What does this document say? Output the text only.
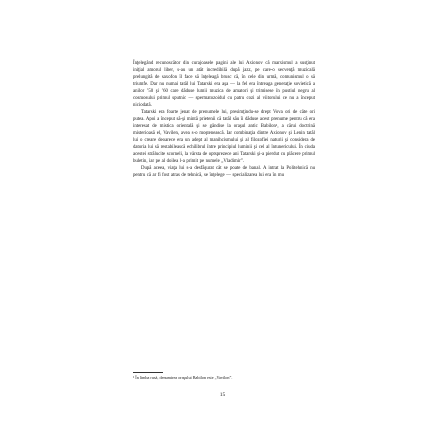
Înţelegând recunoscător din curajoasele pagini ale lui Axionov că marxismul a susţinut iniţial amorul liber, s-au un atât incredibilă după jazz, pe care-o secvenţă muzicală prelungită de saxofon îl face să înţeleagă brusc că, în cele din urmă, comunismul o să triumfe. Dar nu numai tatăl lui Tatarski era aşa — la fel era întreaga generaţie sovietică a anilor ’50 şi ’60 care dăduse lumii muzica de amatori şi trimisese în pustiul negru al cosmosului primul sputnic — spermatozoidul cu patru cozi al viitorului ce nu a început niciodată.

Tatarski era foarte jenat de prenumele lui, presimţindu-se drept Vova ori de câte ori putea. Apoi a început să-şi mintă prietenii că tatăl său îi dăduse acest prenume pentru că era interesat de mistica orientală şi se gândise la oraşul antic Babilon¹, a cărui doctrină misterioasă el, Vavilen, avea s-o moştenească. Iar combinaţia dintre Axionov şi Lenin tatăl lui o creare deoarece era un adept al manihcismului şi al filozofiei naturii şi considera de datoria lui să restabilească echilibrul între principiul luminii şi cel al întunericului. În ciuda acestei strălucite scorneli, la vârsta de optsprezece ani Tatarski şi-a pierdut cu plăcere primul buletin, iar pe al doilea l-a primit pe numele „Vladimir”.

După aceea, viaţa lui s-a desfăşurat cât se poate de banal. A intrat la Politehnică nu pentru că ar fi fost atras de tehnică, se înţelege — specializarea lui era în mu

¹ În limba rusă, denumirea oraşului Babilon este „Vavilon”.

15
